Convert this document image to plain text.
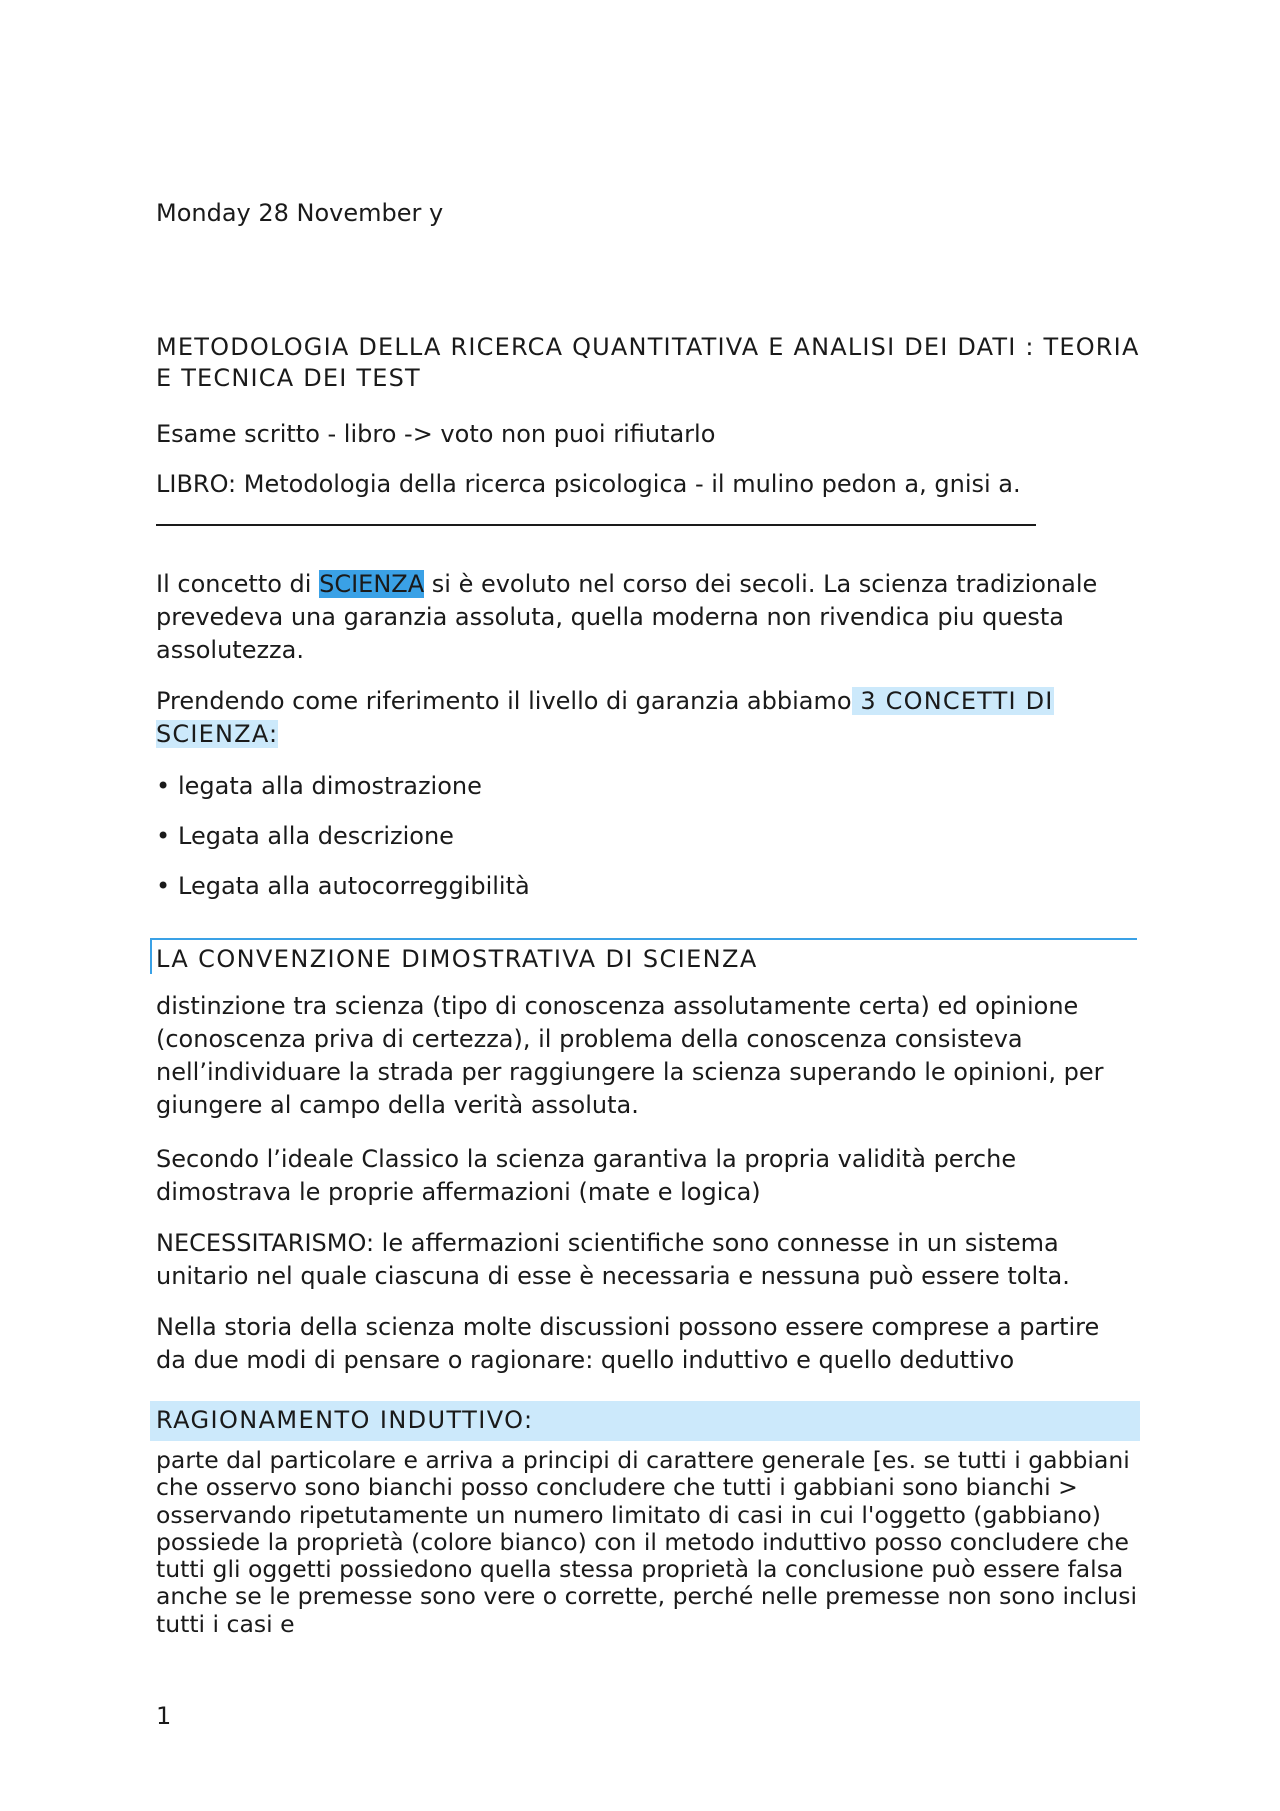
Monday 28 November y

METODOLOGIA DELLA RICERCA QUANTITATIVA E ANALISI DEI DATI : TEORIA E TECNICA DEI TEST

Esame scritto - libro -> voto non puoi rifiutarlo

LIBRO: Metodologia della ricerca psicologica - il mulino pedon a, gnisi a.

Il concetto di SCIENZA si è evoluto nel corso dei secoli. La scienza tradizionale prevedeva una garanzia assoluta, quella moderna non rivendica piu questa assolutezza.

Prendendo come riferimento il livello di garanzia abbiamo 3 CONCETTI DI SCIENZA:

• legata alla dimostrazione
• Legata alla descrizione
• Legata alla autocorreggibilità
LA CONVENZIONE DIMOSTRATIVA DI SCIENZA

distinzione tra scienza (tipo di conoscenza assolutamente certa) ed opinione (conoscenza priva di certezza), il problema della conoscenza consisteva nell’individuare la strada per raggiungere la scienza superando le opinioni, per giungere al campo della verità assoluta.

Secondo l’ideale Classico la scienza garantiva la propria validità perche dimostrava le proprie affermazioni (mate e logica)

NECESSITARISMO: le affermazioni scientifiche sono connesse in un sistema unitario nel quale ciascuna di esse è necessaria e nessuna può essere tolta.

Nella storia della scienza molte discussioni possono essere comprese a partire da due modi di pensare o ragionare: quello induttivo e quello deduttivo

RAGIONAMENTO INDUTTIVO:

parte dal particolare e arriva a principi di carattere generale [es. se tutti i gabbiani che osservo sono bianchi posso concludere che tutti i gabbiani sono bianchi > osservando ripetutamente un numero limitato di casi in cui l'oggetto (gabbiano) possiede la proprietà (colore bianco) con il metodo induttivo posso concludere che tutti gli oggetti possiedono quella stessa proprietà la conclusione può essere falsa anche se le premesse sono vere o corrette, perché nelle premesse non sono inclusi tutti i casi e

1
